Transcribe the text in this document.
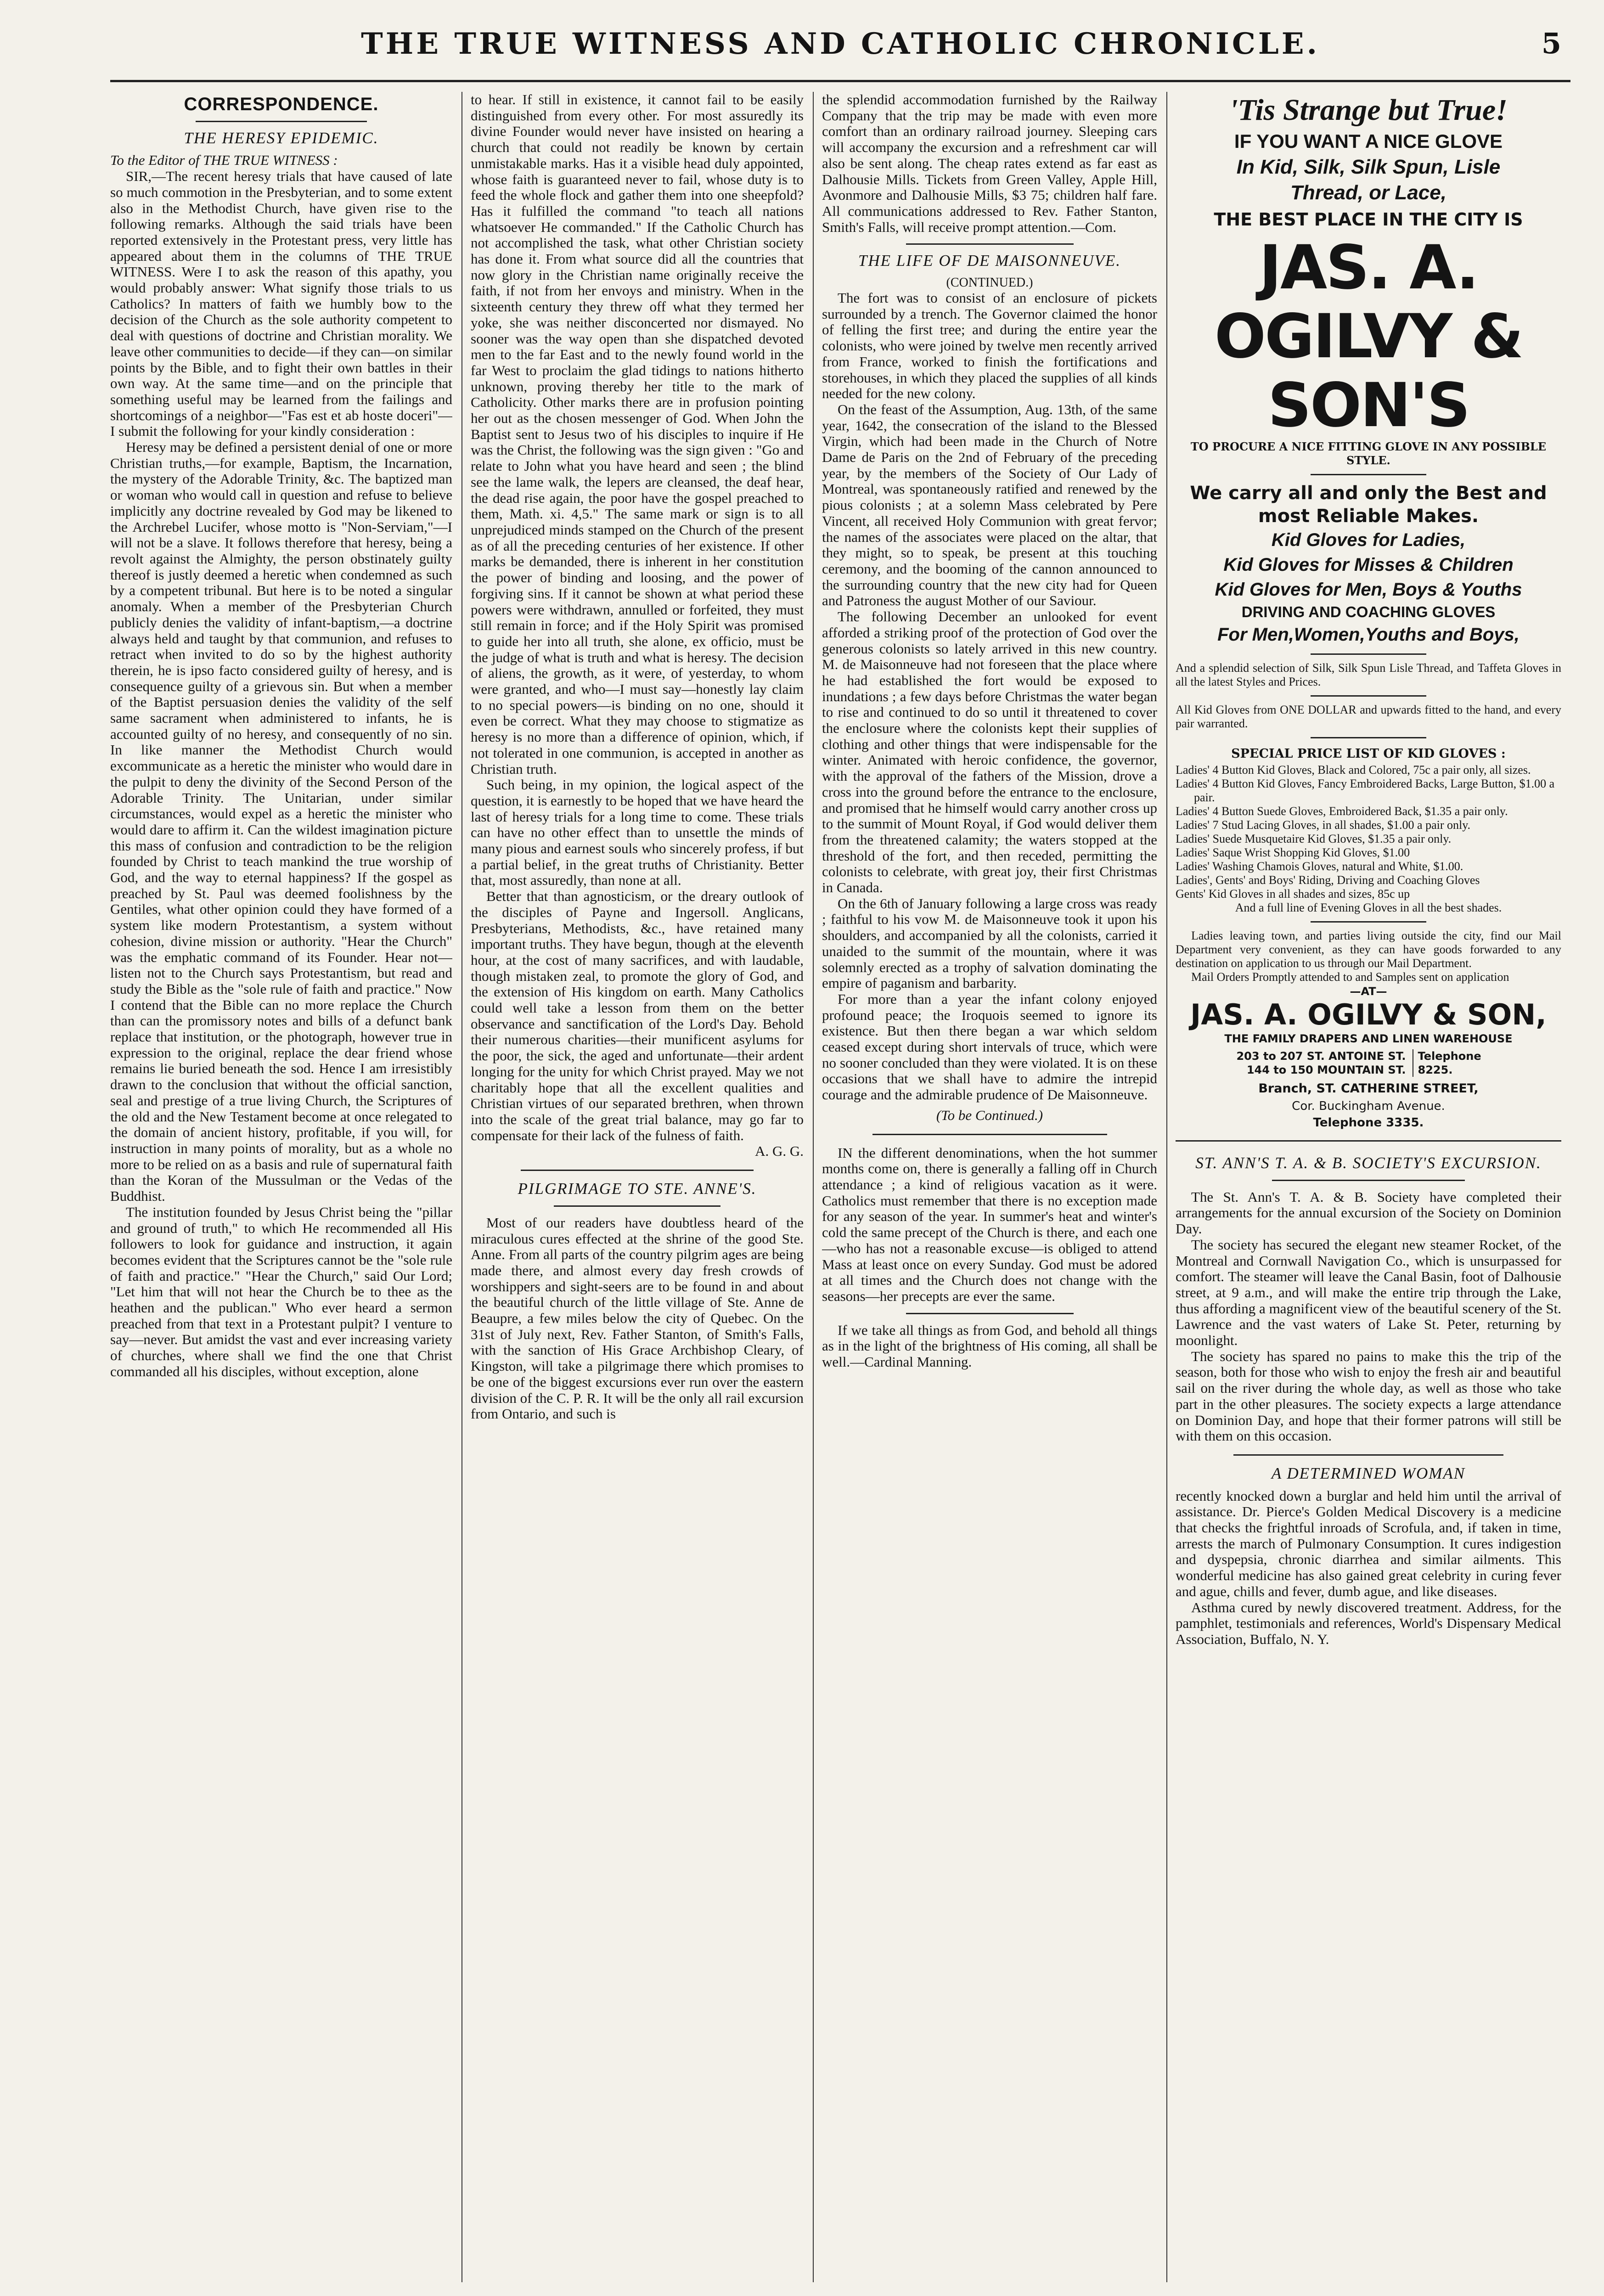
THE TRUE WITNESS AND CATHOLIC CHRONICLE.	5
CORRESPONDENCE.
THE HERESY EPIDEMIC.

To the Editor of THE TRUE WITNESS :

SIR,—The recent heresy trials that have caused of late so much commotion in the Presbyterian, and to some extent also in the Methodist Church, have given rise to the following remarks. Although the said trials have been reported extensively in the Protestant press, very little has appeared about them in the columns of THE TRUE WITNESS. Were I to ask the reason of this apathy, you would probably answer: What signify those trials to us Catholics? In matters of faith we humbly bow to the decision of the Church as the sole authority competent to deal with questions of doctrine and Christian morality. We leave other communities to decide—if they can—on similar points by the Bible, and to fight their own battles in their own way. At the same time—and on the principle that something useful may be learned from the failings and shortcomings of a neighbor—"Fas est et ab hoste doceri"—I submit the following for your kindly consideration :

Heresy may be defined a persistent denial of one or more Christian truths,—for example, Baptism, the Incarnation, the mystery of the Adorable Trinity, &c. The baptized man or woman who would call in question and refuse to believe implicitly any doctrine revealed by God may be likened to the Archrebel Lucifer, whose motto is "Non-Serviam,"—I will not be a slave. It follows therefore that heresy, being a revolt against the Almighty, the person obstinately guilty thereof is justly deemed a heretic when condemned as such by a competent tribunal. But here is to be noted a singular anomaly. When a member of the Presbyterian Church publicly denies the validity of infant-baptism,—a doctrine always held and taught by that communion, and refuses to retract when invited to do so by the highest authority therein, he is ipso facto considered guilty of heresy, and is consequence guilty of a grievous sin. But when a member of the Baptist persuasion denies the validity of the self same sacrament when administered to infants, he is accounted guilty of no heresy, and consequently of no sin. In like manner the Methodist Church would excommunicate as a heretic the minister who would dare in the pulpit to deny the divinity of the Second Person of the Adorable Trinity. The Unitarian, under similar circumstances, would expel as a heretic the minister who would dare to affirm it. Can the wildest imagination picture this mass of confusion and contradiction to be the religion founded by Christ to teach mankind the true worship of God, and the way to eternal happiness? If the gospel as preached by St. Paul was deemed foolishness by the Gentiles, what other opinion could they have formed of a system like modern Protestantism, a system without cohesion, divine mission or authority. "Hear the Church" was the emphatic command of its Founder. Hear not—listen not to the Church says Protestantism, but read and study the Bible as the "sole rule of faith and practice." Now I contend that the Bible can no more replace the Church than can the promissory notes and bills of a defunct bank replace that institution, or the photograph, however true in expression to the original, replace the dear friend whose remains lie buried beneath the sod. Hence I am irresistibly drawn to the conclusion that without the official sanction, seal and prestige of a true living Church, the Scriptures of the old and the New Testament become at once relegated to the domain of ancient history, profitable, if you will, for instruction in many points of morality, but as a whole no more to be relied on as a basis and rule of supernatural faith than the Koran of the Mussulman or the Vedas of the Buddhist.

The institution founded by Jesus Christ being the "pillar and ground of truth," to which He recommended all His followers to look for guidance and instruction, it again becomes evident that the Scriptures cannot be the "sole rule of faith and practice." "Hear the Church," said Our Lord; "Let him that will not hear the Church be to thee as the heathen and the publican." Who ever heard a sermon preached from that text in a Protestant pulpit? I venture to say—never. But amidst the vast and ever increasing variety of churches, where shall we find the one that Christ commanded all his disciples, without exception, alone

to hear. If still in existence, it cannot fail to be easily distinguished from every other. For most assuredly its divine Founder would never have insisted on hearing a church that could not readily be known by certain unmistakable marks. Has it a visible head duly appointed, whose faith is guaranteed never to fail, whose duty is to feed the whole flock and gather them into one sheepfold? Has it fulfilled the command "to teach all nations whatsoever He commanded." If the Catholic Church has not accomplished the task, what other Christian society has done it. From what source did all the countries that now glory in the Christian name originally receive the faith, if not from her envoys and ministry. When in the sixteenth century they threw off what they termed her yoke, she was neither disconcerted nor dismayed. No sooner was the way open than she dispatched devoted men to the far East and to the newly found world in the far West to proclaim the glad tidings to nations hitherto unknown, proving thereby her title to the mark of Catholicity. Other marks there are in profusion pointing her out as the chosen messenger of God. When John the Baptist sent to Jesus two of his disciples to inquire if He was the Christ, the following was the sign given : "Go and relate to John what you have heard and seen ; the blind see the lame walk, the lepers are cleansed, the deaf hear, the dead rise again, the poor have the gospel preached to them, Math. xi. 4,5." The same mark or sign is to all unprejudiced minds stamped on the Church of the present as of all the preceding centuries of her existence. If other marks be demanded, there is inherent in her constitution the power of binding and loosing, and the power of forgiving sins. If it cannot be shown at what period these powers were withdrawn, annulled or forfeited, they must still remain in force; and if the Holy Spirit was promised to guide her into all truth, she alone, ex officio, must be the judge of what is truth and what is heresy. The decision of aliens, the growth, as it were, of yesterday, to whom were granted, and who—I must say—honestly lay claim to no special powers—is binding on no one, should it even be correct. What they may choose to stigmatize as heresy is no more than a difference of opinion, which, if not tolerated in one communion, is accepted in another as Christian truth.

Such being, in my opinion, the logical aspect of the question, it is earnestly to be hoped that we have heard the last of heresy trials for a long time to come. These trials can have no other effect than to unsettle the minds of many pious and earnest souls who sincerely profess, if but a partial belief, in the great truths of Christianity. Better that, most assuredly, than none at all.

Better that than agnosticism, or the dreary outlook of the disciples of Payne and Ingersoll. Anglicans, Presbyterians, Methodists, &c., have retained many important truths. They have begun, though at the eleventh hour, at the cost of many sacrifices, and with laudable, though mistaken zeal, to promote the glory of God, and the extension of His kingdom on earth. Many Catholics could well take a lesson from them on the better observance and sanctification of the Lord's Day. Behold their numerous charities—their munificent asylums for the poor, the sick, the aged and unfortunate—their ardent longing for the unity for which Christ prayed. May we not charitably hope that all the excellent qualities and Christian virtues of our separated brethren, when thrown into the scale of the great trial balance, may go far to compensate for their lack of the fulness of faith.

A. G. G.

PILGRIMAGE TO STE. ANNE'S.

Most of our readers have doubtless heard of the miraculous cures effected at the shrine of the good Ste. Anne. From all parts of the country pilgrim ages are being made there, and almost every day fresh crowds of worshippers and sight-seers are to be found in and about the beautiful church of the little village of Ste. Anne de Beaupre, a few miles below the city of Quebec. On the 31st of July next, Rev. Father Stanton, of Smith's Falls, with the sanction of His Grace Archbishop Cleary, of Kingston, will take a pilgrimage there which promises to be one of the biggest excursions ever run over the eastern division of the C. P. R. It will be the only all rail excursion from Ontario, and such is

the splendid accommodation furnished by the Railway Company that the trip may be made with even more comfort than an ordinary railroad journey. Sleeping cars will accompany the excursion and a refreshment car will also be sent along. The cheap rates extend as far east as Dalhousie Mills. Tickets from Green Valley, Apple Hill, Avonmore and Dalhousie Mills, $3 75; children half fare. All communications addressed to Rev. Father Stanton, Smith's Falls, will receive prompt attention.—Com.

THE LIFE OF DE MAISONNEUVE.

(CONTINUED.)

The fort was to consist of an enclosure of pickets surrounded by a trench. The Governor claimed the honor of felling the first tree; and during the entire year the colonists, who were joined by twelve men recently arrived from France, worked to finish the fortifications and storehouses, in which they placed the supplies of all kinds needed for the new colony.

On the feast of the Assumption, Aug. 13th, of the same year, 1642, the consecration of the island to the Blessed Virgin, which had been made in the Church of Notre Dame de Paris on the 2nd of February of the preceding year, by the members of the Society of Our Lady of Montreal, was spontaneously ratified and renewed by the pious colonists ; at a solemn Mass celebrated by Pere Vincent, all received Holy Communion with great fervor; the names of the associates were placed on the altar, that they might, so to speak, be present at this touching ceremony, and the booming of the cannon announced to the surrounding country that the new city had for Queen and Patroness the august Mother of our Saviour.

The following December an unlooked for event afforded a striking proof of the protection of God over the generous colonists so lately arrived in this new country. M. de Maisonneuve had not foreseen that the place where he had established the fort would be exposed to inundations ; a few days before Christmas the water began to rise and continued to do so until it threatened to cover the enclosure where the colonists kept their supplies of clothing and other things that were indispensable for the winter. Animated with heroic confidence, the governor, with the approval of the fathers of the Mission, drove a cross into the ground before the entrance to the enclosure, and promised that he himself would carry another cross up to the summit of Mount Royal, if God would deliver them from the threatened calamity; the waters stopped at the threshold of the fort, and then receded, permitting the colonists to celebrate, with great joy, their first Christmas in Canada.

On the 6th of January following a large cross was ready ; faithful to his vow M. de Maisonneuve took it upon his shoulders, and accompanied by all the colonists, carried it unaided to the summit of the mountain, where it was solemnly erected as a trophy of salvation dominating the empire of paganism and barbarity.

For more than a year the infant colony enjoyed profound peace; the Iroquois seemed to ignore its existence. But then there began a war which seldom ceased except during short intervals of truce, which were no sooner concluded than they were violated. It is on these occasions that we shall have to admire the intrepid courage and the admirable prudence of De Maisonneuve.

(To be Continued.)

IN the different denominations, when the hot summer months come on, there is generally a falling off in Church attendance ; a kind of religious vacation as it were. Catholics must remember that there is no exception made for any season of the year. In summer's heat and winter's cold the same precept of the Church is there, and each one—who has not a reasonable excuse—is obliged to attend Mass at least once on every Sunday. God must be adored at all times and the Church does not change with the seasons—her precepts are ever the same.

If we take all things as from God, and behold all things as in the light of the brightness of His coming, all shall be well.—Cardinal Manning.

'Tis Strange but True!
IF YOU WANT A NICE GLOVE
In Kid, Silk, Silk Spun, Lisle
Thread, or Lace,
THE BEST PLACE IN THE CITY IS
JAS. A. OGILVY & SON'S
TO PROCURE A NICE FITTING GLOVE IN ANY POSSIBLE STYLE.
We carry all and only the Best and most Reliable Makes.
Kid Gloves for Ladies,
Kid Gloves for Misses & Children
Kid Gloves for Men, Boys & Youths
DRIVING AND COACHING GLOVES
For Men,Women,Youths and Boys,

And a splendid selection of Silk, Silk Spun Lisle Thread, and Taffeta Gloves in all the latest Styles and Prices.

All Kid Gloves from ONE DOLLAR and upwards fitted to the hand, and every pair warranted.

SPECIAL PRICE LIST OF KID GLOVES :
Ladies' 4 Button Kid Gloves, Black and Colored, 75c a pair only, all sizes.
Ladies' 4 Button Kid Gloves, Fancy Embroidered Backs, Large Button, $1.00 a pair.
Ladies' 4 Button Suede Gloves, Embroidered Back, $1.35 a pair only.
Ladies' 7 Stud Lacing Gloves, in all shades, $1.00 a pair only.
Ladies' Suede Musquetaire Kid Gloves, $1.35 a pair only.
Ladies' Saque Wrist Shopping Kid Gloves, $1.00
Ladies' Washing Chamois Gloves, natural and White, $1.00.
Ladies', Gents' and Boys' Riding, Driving and Coaching Gloves
Gents' Kid Gloves in all shades and sizes, 85c up
And a full line of Evening Gloves in all the best shades.

Ladies leaving town, and parties living outside the city, find our Mail Department very convenient, as they can have goods forwarded to any destination on application to us through our Mail Department.

Mail Orders Promptly attended to and Samples sent on application

—AT—
JAS. A. OGILVY & SON,
THE FAMILY DRAPERS AND LINEN WAREHOUSE
203 to 207 ST. ANTOINE ST.
144 to 150 MOUNTAIN ST.
Telephone 8225.
Branch, ST. CATHERINE STREET,
Cor. Buckingham Avenue.
Telephone 3335.
ST. ANN'S T. A. & B. SOCIETY'S EXCURSION.

The St. Ann's T. A. & B. Society have completed their arrangements for the annual excursion of the Society on Dominion Day.

The society has secured the elegant new steamer Rocket, of the Montreal and Cornwall Navigation Co., which is unsurpassed for comfort. The steamer will leave the Canal Basin, foot of Dalhousie street, at 9 a.m., and will make the entire trip through the Lake, thus affording a magnificent view of the beautiful scenery of the St. Lawrence and the vast waters of Lake St. Peter, returning by moonlight.

The society has spared no pains to make this the trip of the season, both for those who wish to enjoy the fresh air and beautiful sail on the river during the whole day, as well as those who take part in the other pleasures. The society expects a large attendance on Dominion Day, and hope that their former patrons will still be with them on this occasion.

A DETERMINED WOMAN

recently knocked down a burglar and held him until the arrival of assistance. Dr. Pierce's Golden Medical Discovery is a medicine that checks the frightful inroads of Scrofula, and, if taken in time, arrests the march of Pulmonary Consumption. It cures indigestion and dyspepsia, chronic diarrhea and similar ailments. This wonderful medicine has also gained great celebrity in curing fever and ague, chills and fever, dumb ague, and like diseases.

Asthma cured by newly discovered treatment. Address, for the pamphlet, testimonials and references, World's Dispensary Medical Association, Buffalo, N. Y.
